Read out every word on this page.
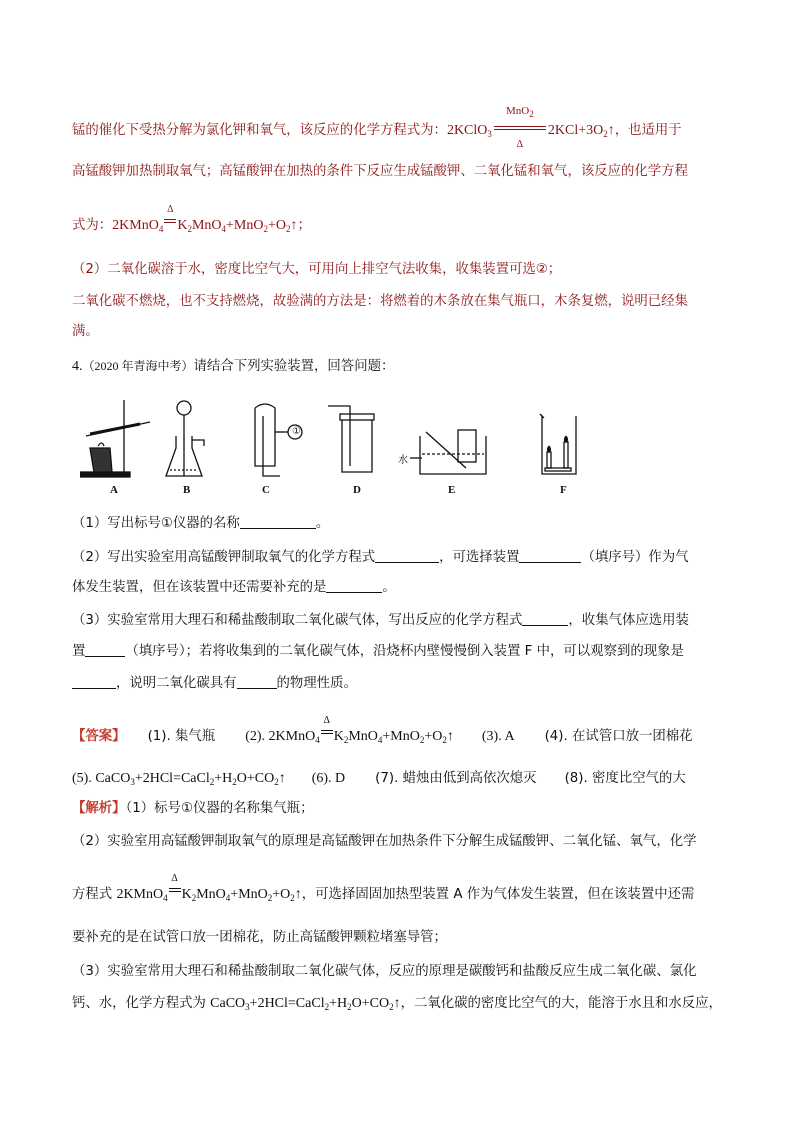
锰的催化下受热分解为氯化钾和氧气，该反应的化学方程式为：2KClO$_3$
MnO$_2$
Δ
$2KCl+3O_2↑$，也适用于
高锰酸钾加热制取氧气；高锰酸钾在加热的条件下反应生成锰酸钾、二氧化锰和氧气，该反应的化学方程
式为：2KMnO$_4$
Δ
$K_2MnO_4+MnO_2+O_2↑$；
（2）二氧化碳溶于水，密度比空气大，可用向上排空气法收集，收集装置可选②；
二氧化碳不燃烧，也不支持燃烧，故验满的方法是：将燃着的木条放在集气瓶口，木条复燃，说明已经集
满。
4.（2020 年青海中考）请结合下列实验装置，回答问题：
①
水
A	B	C	D	E	F
（1）写出标号①仪器的名称	。
（2）写出实验室用高锰酸钾制取氧气的化学方程式	，可选择装置	（填序号）作为气
体发生装置，但在该装置中还需要补充的是	。
（3）实验室常用大理石和稀盐酸制取二氧化碳气体，写出反应的化学方程式	，收集气体应选用装
置	（填序号）；若将收集到的二氧化碳气体，沿烧杯内壁慢慢倒入装置 F 中，可以观察到的现象是
，说明二氧化碳具有	的物理性质。
【答案】 (1). 集气瓶 (2). 2KMnO$_4$
Δ
$K_2MnO_4+MnO_2+O_2↑$ (3). A (4). 在试管口放一团棉花
(5). $CaCO_3+2HCl=CaCl_2+H_2O+CO_2↑$ (6). D (7). 蜡烛由低到高依次熄灭 (8). 密度比空气的大
【解析】（1）标号①仪器的名称集气瓶；
（2）实验室用高锰酸钾制取氧气的原理是高锰酸钾在加热条件下分解生成锰酸钾、二氧化锰、氧气，化学
方程式 2KMnO$_4$
Δ
$K_2MnO_4+MnO_2+O_2↑$，可选择固固加热型装置 A 作为气体发生装置，但在该装置中还需
要补充的是在试管口放一团棉花，防止高锰酸钾颗粒堵塞导管；
（3）实验室常用大理石和稀盐酸制取二氧化碳气体，反应的原理是碳酸钙和盐酸反应生成二氧化碳、氯化
钙、水，化学方程式为 $CaCO_3+2HCl=CaCl_2+H_2O+CO_2↑$，二氧化碳的密度比空气的大，能溶于水且和水反应，
